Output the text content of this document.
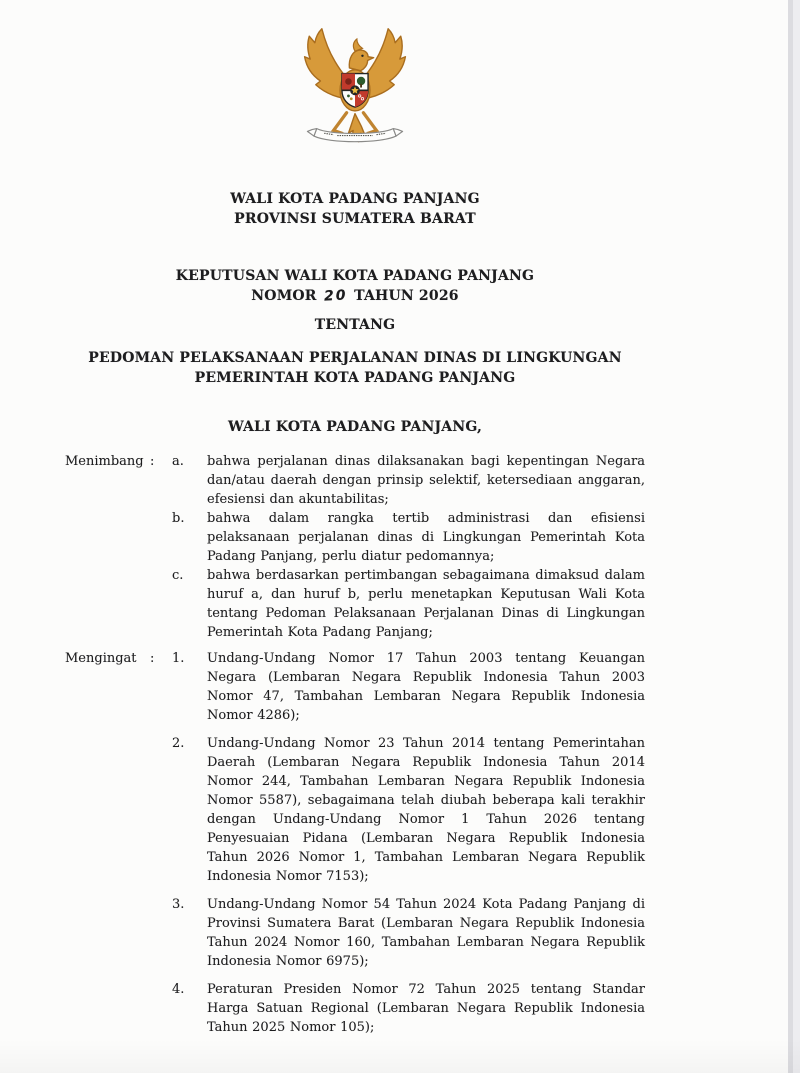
WALI KOTA PADANG PANJANG
PROVINSI SUMATERA BARAT
KEPUTUSAN WALI KOTA PADANG PANJANG
NOMOR 20 TAHUN 2026
TENTANG
PEDOMAN PELAKSANAAN PERJALANAN DINAS DI LINGKUNGAN
PEMERINTAH KOTA PADANG PANJANG
WALI KOTA PADANG PANJANG,
Menimbang :	a.	bahwa perjalanan dinas dilaksanakan bagi kepentingan Negara dan/atau daerah dengan prinsip selektif, ketersediaan anggaran, efesiensi dan akuntabilitas;
b.	bahwa dalam rangka tertib administrasi dan efisiensi pelaksanaan perjalanan dinas di Lingkungan Pemerintah Kota Padang Panjang, perlu diatur pedomannya;
c.	bahwa berdasarkan pertimbangan sebagaimana dimaksud dalam huruf a, dan huruf b, perlu menetapkan Keputusan Wali Kota tentang Pedoman Pelaksanaan Perjalanan Dinas di Lingkungan Pemerintah Kota Padang Panjang;
Mengingat	:	1.	Undang-Undang Nomor 17 Tahun 2003 tentang Keuangan Negara (Lembaran Negara Republik Indonesia Tahun 2003 Nomor 47, Tambahan Lembaran Negara Republik Indonesia Nomor 4286);
2.	Undang-Undang Nomor 23 Tahun 2014 tentang Pemerintahan Daerah (Lembaran Negara Republik Indonesia Tahun 2014 Nomor 244, Tambahan Lembaran Negara Republik Indonesia Nomor 5587), sebagaimana telah diubah beberapa kali terakhir dengan Undang-Undang Nomor 1 Tahun 2026 tentang Penyesuaian Pidana (Lembaran Negara Republik Indonesia Tahun 2026 Nomor 1, Tambahan Lembaran Negara Republik Indonesia Nomor 7153);
3.	Undang-Undang Nomor 54 Tahun 2024 Kota Padang Panjang di Provinsi Sumatera Barat (Lembaran Negara Republik Indonesia Tahun 2024 Nomor 160, Tambahan Lembaran Negara Republik Indonesia Nomor 6975);
4.	Peraturan Presiden Nomor 72 Tahun 2025 tentang Standar Harga Satuan Regional (Lembaran Negara Republik Indonesia Tahun 2025 Nomor 105);
